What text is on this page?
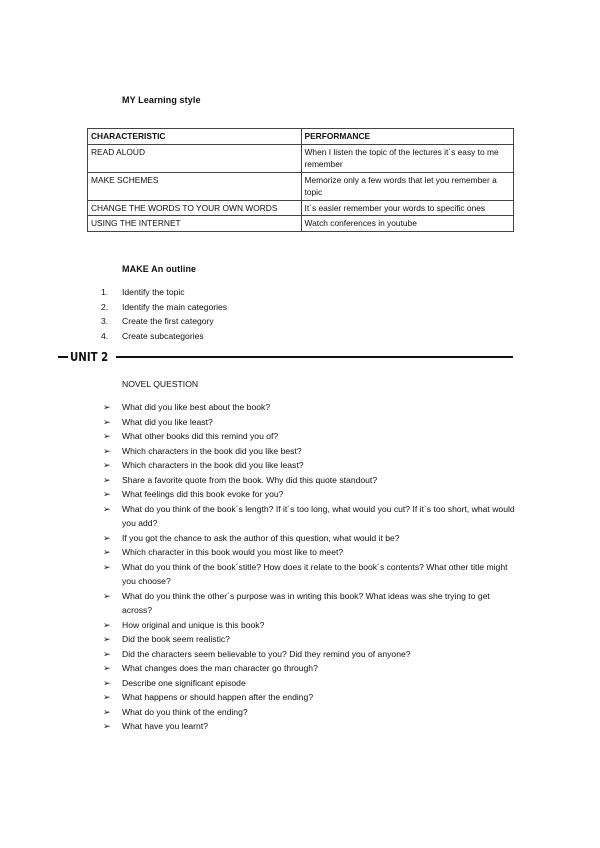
MY Learning style
CHARACTERISTIC	PERFORMANCE
READ ALOUD	When I listen the topic of the lectures it´s easy to me remember
MAKE SCHEMES	Memorize only a few words that let you remember a topic
CHANGE THE WORDS TO YOUR OWN WORDS	It´s easier remember your words to specific ones
USING THE INTERNET	Watch conferences in youtube
MAKE An outline
1.	Identify the topic
2.	Identify the main categories
3.	Create the first category
4.	Create subcategories
UNIT 2
NOVEL QUESTION
➢	What did you like best about the book?
➢	What did you like least?
➢	What other books did this remind you of?
➢	Which characters in the book did you like best?
➢	Which characters in the book did you like least?
➢	Share a favorite quote from the book. Why did this quote standout?
➢	What feelings did this book evoke for you?
➢	What do you think of the book´s length? If it´s too long, what would you cut? If it`s too short, what would you add?
➢	If you got the chance to ask the author of this question, what would it be?
➢	Which character in this book would you most like to meet?
➢	What do you think of the book´stitle? How does it relate to the book´s contents? What other title might you choose?
➢	What do you think the other´s purpose was in writing this book? What ideas was she trying to get across?
➢	How original and unique is this book?
➢	Did the book seem realistic?
➢	Did the characters seem believable to you? Did they remind you of anyone?
➢	What changes does the man character go through?
➢	Describe one significant episode
➢	What happens or should happen after the ending?
➢	What do you think of the ending?
➢	What have you learnt?
